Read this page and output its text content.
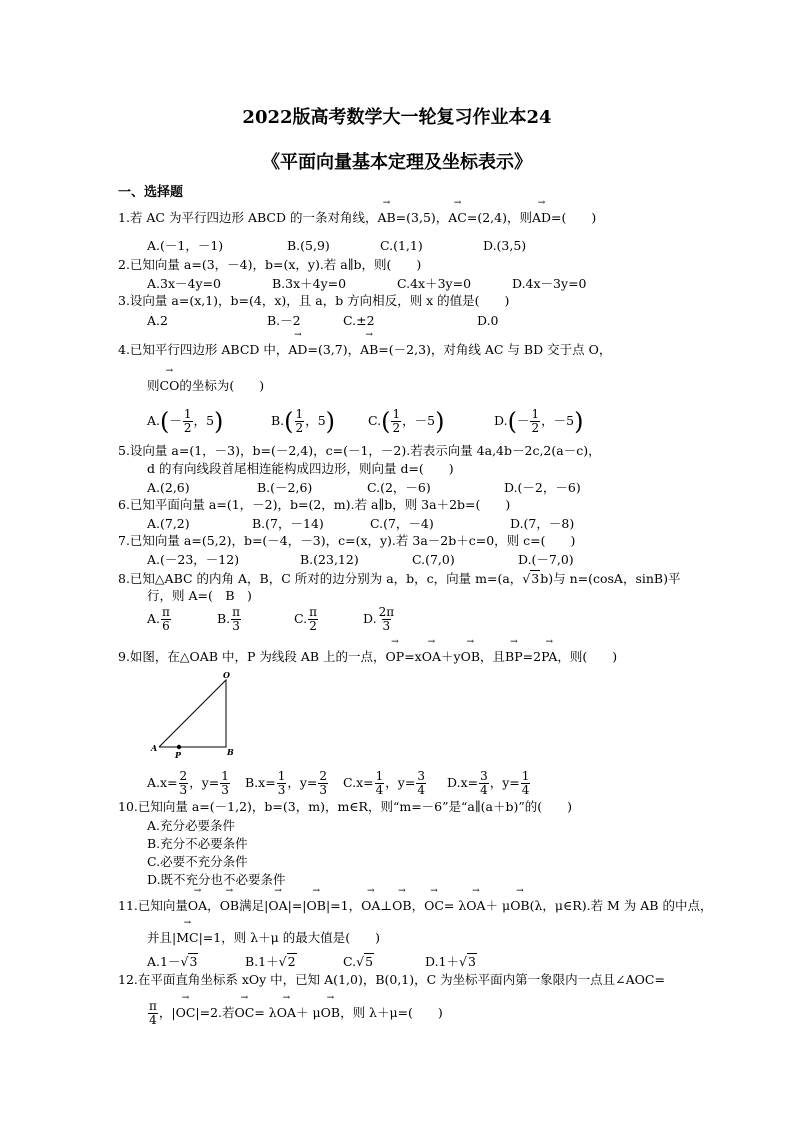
2022版高考数学大一轮复习作业本24
《平面向量基本定理及坐标表示》
一、选择题
1.若 AC 为平行四边形 ABCD 的一条对角线，→ AB=(3,5)，→ AC=(2,4)，则→ AD=(　　)
A.(－1，－1)	B.(5,9)	C.(1,1)	D.(3,5)
2.已知向量 a=(3，－4)，b=(x，y).若 a∥b，则(　　)
A.3x－4y=0	B.3x＋4y=0	C.4x＋3y=0	D.4x－3y=0
3.设向量 a=(x,1)，b=(4，x)，且 a，b 方向相反，则 x 的值是(　　)
A.2	B.－2	C.±2	D.0
4.已知平行四边形 ABCD 中，→ AD=(3,7)，→ AB=(－2,3)，对角线 AC 与 BD 交于点 O，
则→ CO的坐标为(　　)
$A.(- \frac{1}{2}$ ，5)	$B.( \frac{1}{2}$ ，5)	$C.( \frac{1}{2}$ ，－5)	$D.(- \frac{1}{2}$ ，－5)
5.设向量 a=(1，－3)，b=(－2,4)，c=(－1，－2).若表示向量 4a,4b－2c,2(a－c)，
d 的有向线段首尾相连能构成四边形，则向量 d=(　　)
A.(2,6)	B.(－2,6)	C.(2，－6)	D.(－2，－6)
6.已知平面向量 a=(1，－2)，b=(2，m).若 a∥b，则 3a＋2b=(　　)
A.(7,2)	B.(7，－14)	C.(7，－4)	D.(7，－8)
7.已知向量 a=(5,2)，b=(－4，－3)，c=(x，y).若 3a－2b＋c=0，则 c=(　　)
A.(－23，－12)	B.(23,12)	C.(7,0)	D.(－7,0)
8.已知△ABC 的内角 A，B，C 所对的边分别为 a，b，c，向量 m=(a，√3b)与 n=(cosA，sinB)平
行，则 A=(　B　)
A. $\frac{\pi}{6}$	B. $\frac{\pi}{3}$	C. $\frac{\pi}{2}$	D. $\frac{2\pi}{3}$
9.如图，在△OAB 中，P 为线段 AB 上的一点，→ OP=x→ OA＋y→ OB，且→ BP=2→ PA，则(　　)
O
A
P	B
$A.x= \frac{2}{3}$ ，$y= \frac{1}{3} B.x= \frac{1}{3}$ ，$y= \frac{2}{3} C.x= \frac{1}{4}$ ，$y= \frac{3}{4} D.x= \frac{3}{4}$ ，$y= \frac{1}{4}$
10.已知向量 a=(－1,2)，b=(3，m)，m∈R，则“m=－6”是“a∥(a＋b)”的(　　)
A.充分必要条件
B.充分不必要条件
C.必要不充分条件
D.既不充分也不必要条件
11.已知向量→ OA，→ OB满足|→ OA|=|→ OB|=1，→ OA⊥→ OB，→ OC= λ→ OA＋ μ→ OB(λ，μ∈R).若 M 为 AB 的中点，
并且|→ MC|=1，则 λ＋μ 的最大值是(　　)
A.1－√3	B.1＋√2	C.√5	D.1＋√3
12.在平面直角坐标系 xOy 中，已知 A(1,0)，B(0,1)，C 为坐标平面内第一象限内一点且∠AOC=
$\frac{\pi}{4}$ ，|→ OC|=2.若→ OC= λ→ OA＋ μ→ OB，则 λ＋μ=(　　)
